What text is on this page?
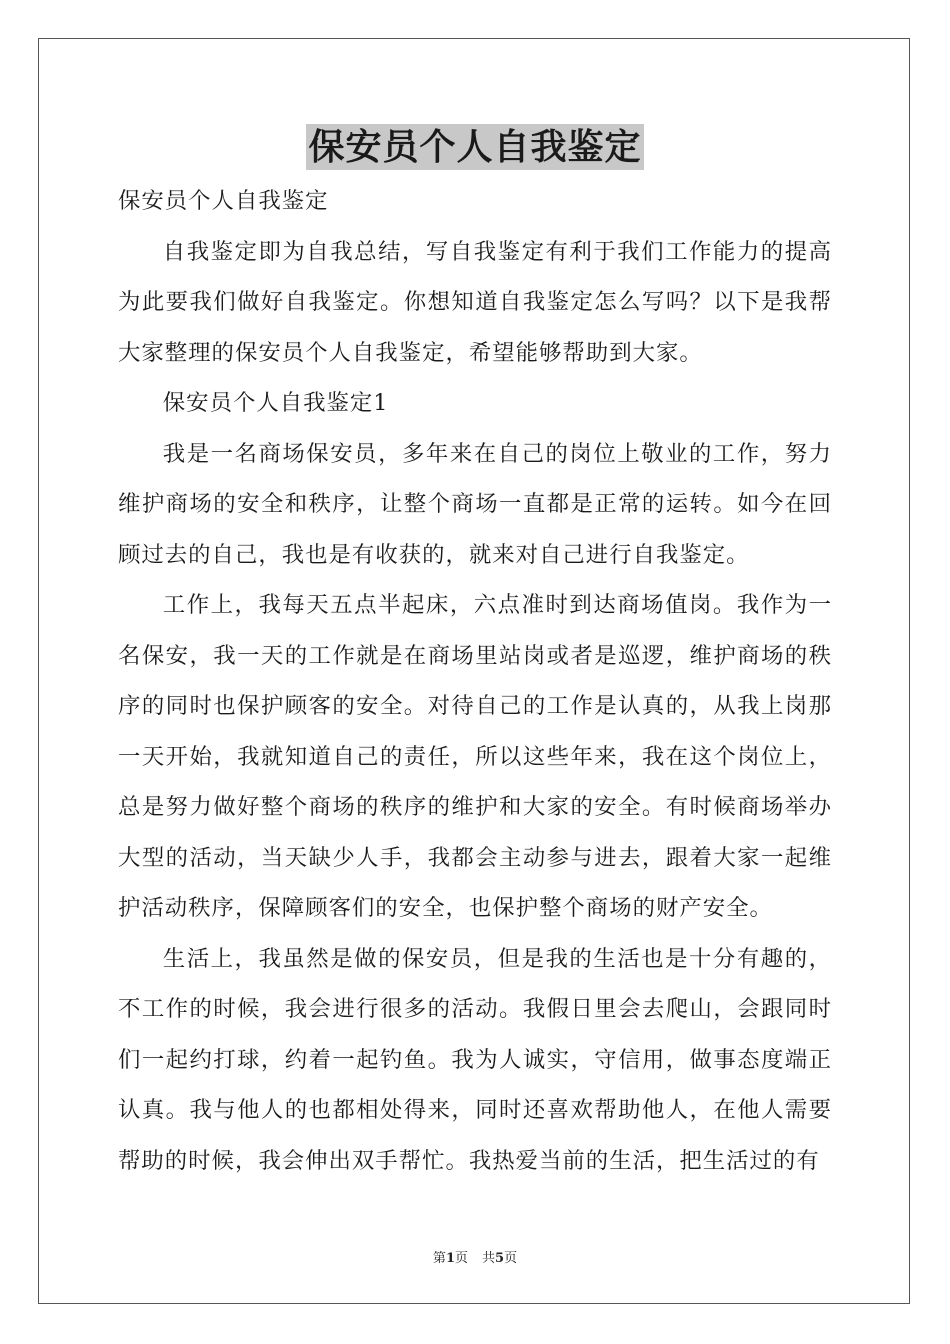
保安员个人自我鉴定

保安员个人自我鉴定

自我鉴定即为自我总结，写自我鉴定有利于我们工作能力的提高为此要我们做好自我鉴定。你想知道自我鉴定怎么写吗？以下是我帮大家整理的保安员个人自我鉴定，希望能够帮助到大家。

保安员个人自我鉴定1

我是一名商场保安员，多年来在自己的岗位上敬业的工作，努力维护商场的安全和秩序，让整个商场一直都是正常的运转。如今在回顾过去的自己，我也是有收获的，就来对自己进行自我鉴定。

工作上，我每天五点半起床，六点准时到达商场值岗。我作为一名保安，我一天的工作就是在商场里站岗或者是巡逻，维护商场的秩序的同时也保护顾客的安全。对待自己的工作是认真的，从我上岗那一天开始，我就知道自己的责任，所以这些年来，我在这个岗位上，总是努力做好整个商场的秩序的维护和大家的安全。有时候商场举办大型的活动，当天缺少人手，我都会主动参与进去，跟着大家一起维护活动秩序，保障顾客们的安全，也保护整个商场的财产安全。

生活上，我虽然是做的保安员，但是我的生活也是十分有趣的，不工作的时候，我会进行很多的活动。我假日里会去爬山，会跟同时们一起约打球，约着一起钓鱼。我为人诚实，守信用，做事态度端正认真。我与他人的也都相处得来，同时还喜欢帮助他人，在他人需要帮助的时候，我会伸出双手帮忙。我热爱当前的生活，把生活过的有

第1页 共5页
